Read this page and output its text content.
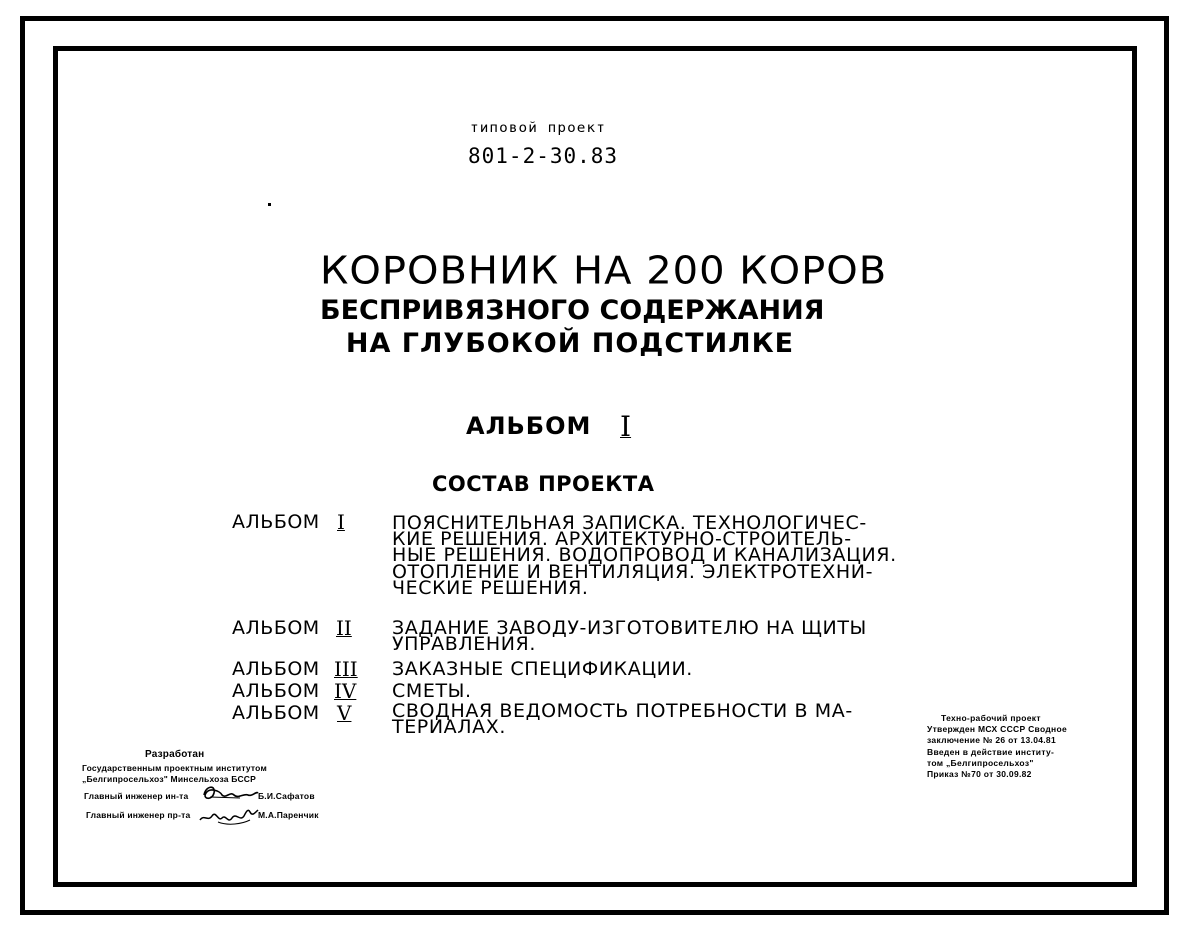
типовой проект
801-2-30.83
КОРОВНИК НА 200 КОРОВ
БЕСПРИВЯЗНОГО СОДЕРЖАНИЯ
НА ГЛУБОКОЙ ПОДСТИЛКЕ
АЛЬБОМ I
СОСТАВ ПРОЕКТА
АЛЬБОМ I ПОЯСНИТЕЛЬНАЯ ЗАПИСКА. ТЕХНОЛОГИЧЕС-
КИЕ РЕШЕНИЯ. АРХИТЕКТУРНО-СТРОИТЕЛЬ-
НЫЕ РЕШЕНИЯ. ВОДОПРОВОД И КАНАЛИЗАЦИЯ.
ОТОПЛЕНИЕ И ВЕНТИЛЯЦИЯ. ЭЛЕКТРОТЕХНИ-
ЧЕСКИЕ РЕШЕНИЯ.
АЛЬБОМ II ЗАДАНИЕ ЗАВОДУ-ИЗГОТОВИТЕЛЮ НА ЩИТЫ
УПРАВЛЕНИЯ.
АЛЬБОМ III ЗАКАЗНЫЕ СПЕЦИФИКАЦИИ.
АЛЬБОМ IV СМЕТЫ.
АЛЬБОМ V СВОДНАЯ ВЕДОМОСТЬ ПОТРЕБНОСТИ В МА-
ТЕРИАЛАХ.
Разработан
Государственным проектным институтом
„Белгипросельхоз" Минсельхоза БССР
Главный инженер ин-та	Б.И.Сафатов
Главный инженер пр-та	М.А.Паренчик
Техно-рабочий проект
Утвержден МСХ СССР Сводное
заключение № 26 от 13.04.81
Введен в действие институ-
том „Белгипросельхоз"
Приказ №70 от 30.09.82
